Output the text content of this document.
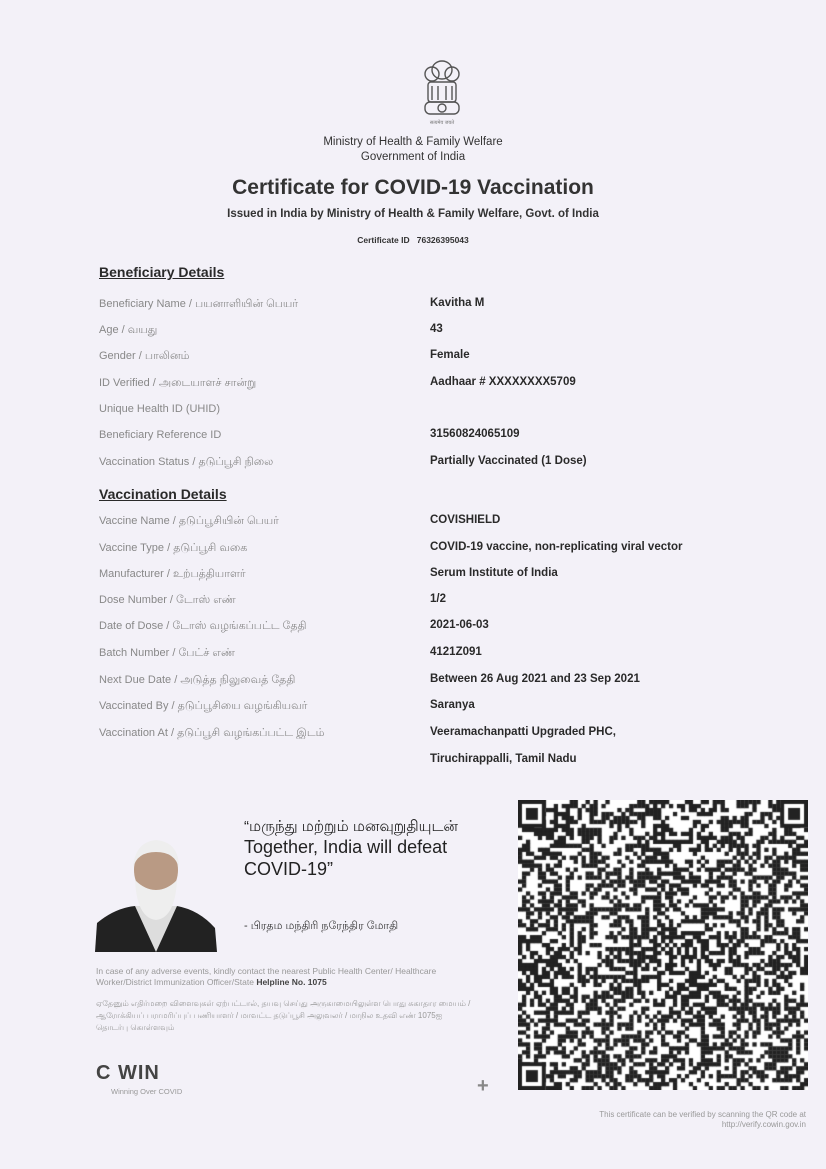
सत्यमेव जयते
Ministry of Health & Family Welfare
Government of India
Certificate for COVID-19 Vaccination
Issued in India by Ministry of Health & Family Welfare, Govt. of India
Certificate ID 76326395043
Beneficiary Details
Beneficiary Name / பயனாளியின் பெயர்	Kavitha M
Age / வயது	43
Gender / பாலினம்	Female
ID Verified / அடையாளச் சான்று	Aadhaar # XXXXXXXX5709
Unique Health ID (UHID)
Beneficiary Reference ID	31560824065109
Vaccination Status / தடுப்பூசி நிலை	Partially Vaccinated (1 Dose)
Vaccination Details
Vaccine Name / தடுப்பூசியின் பெயர்	COVISHIELD
Vaccine Type / தடுப்பூசி வகை	COVID-19 vaccine, non-replicating viral vector
Manufacturer / உற்பத்தியாளர்	Serum Institute of India
Dose Number / டோஸ் எண்	1/2
Date of Dose / டோஸ் வழங்கப்பட்ட தேதி	2021-06-03
Batch Number / பேட்ச் எண்	4121Z091
Next Due Date / அடுத்த நிலுவைத் தேதி	Between 26 Aug 2021 and 23 Sep 2021
Vaccinated By / தடுப்பூசியை வழங்கியவர்	Saranya
Vaccination At / தடுப்பூசி வழங்கப்பட்ட இடம்	Veeramachanpatti Upgraded PHC,
Tiruchirappalli, Tamil Nadu
“மருந்து மற்றும் மனவுறுதியுடன்
Together, India will defeat COVID-19”
- பிரதம மந்திரி நரேந்திர மோதி
In case of any adverse events, kindly contact the nearest Public Health Center/ Healthcare Worker/District Immunization Officer/State Helpline No. 1075
ஏதேனும் எதிர்மறை விளைவுகள் ஏற்பட்டால், தயவு செய்து அருகாமையிலுள்ள பொது சுகாதார மையம் / ஆரோக்கியப் பராமரிப்புப் பணியாளர் / மாவட்ட தடுப்பூசி அலுவலர் / மாநில உதவி எண் 1075ஐ தொடர்பு கொள்ளவும்
C WIN
Winning Over COVID	+
This certificate can be verified by scanning the QR code at
http://verify.cowin.gov.in
